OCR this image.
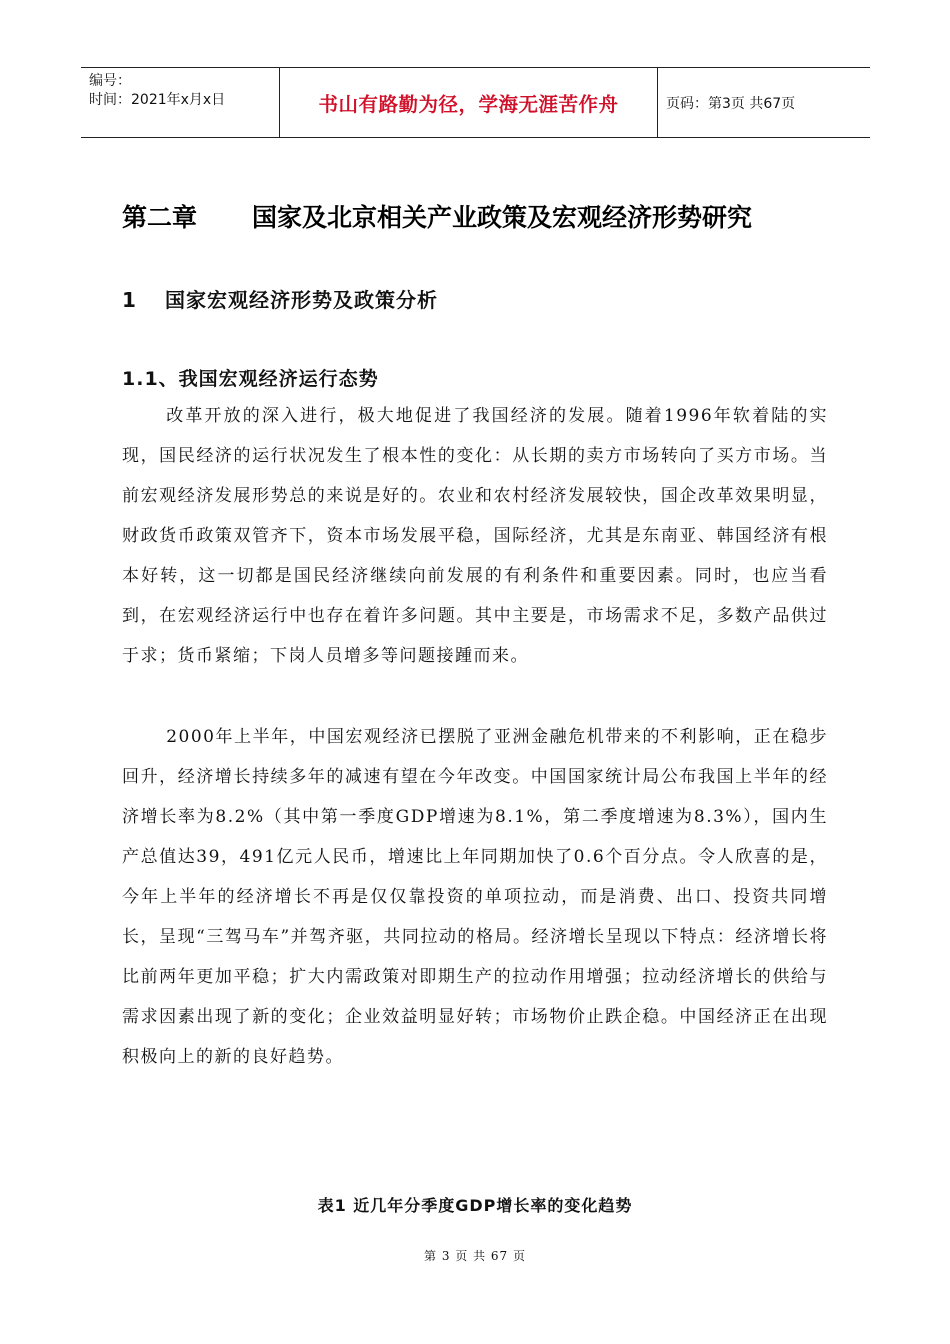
编号：
时间：2021年x月x日	书山有路勤为径，学海无涯苦作舟	页码：第3页 共67页
第二章 国家及北京相关产业政策及宏观经济形势研究
1 国家宏观经济形势及政策分析
1.1、我国宏观经济运行态势

改革开放的深入进行，极大地促进了我国经济的发展。随着1996年软着陆的实现，国民经济的运行状况发生了根本性的变化：从长期的卖方市场转向了买方市场。当前宏观经济发展形势总的来说是好的。农业和农村经济发展较快，国企改革效果明显，财政货币政策双管齐下，资本市场发展平稳，国际经济，尤其是东南亚、韩国经济有根本好转，这一切都是国民经济继续向前发展的有利条件和重要因素。同时，也应当看到，在宏观经济运行中也存在着许多问题。其中主要是，市场需求不足，多数产品供过于求；货币紧缩；下岗人员增多等问题接踵而来。

2000年上半年，中国宏观经济已摆脱了亚洲金融危机带来的不利影响，正在稳步回升，经济增长持续多年的减速有望在今年改变。中国国家统计局公布我国上半年的经济增长率为8.2%（其中第一季度GDP增速为8.1%，第二季度增速为8.3%），国内生产总值达39，491亿元人民币，增速比上年同期加快了0.6个百分点。令人欣喜的是，今年上半年的经济增长不再是仅仅靠投资的单项拉动，而是消费、出口、投资共同增长，呈现“三驾马车”并驾齐驱，共同拉动的格局。经济增长呈现以下特点：经济增长将比前两年更加平稳；扩大内需政策对即期生产的拉动作用增强；拉动经济增长的供给与需求因素出现了新的变化；企业效益明显好转；市场物价止跌企稳。中国经济正在出现积极向上的新的良好趋势。

表1 近几年分季度GDP增长率的变化趋势
第 3 页 共 67 页
